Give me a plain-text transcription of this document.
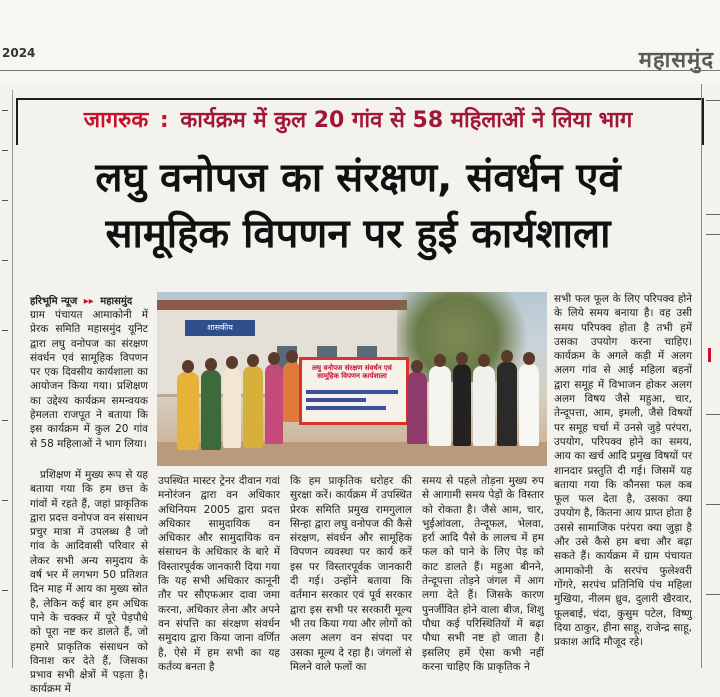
2024	महासमुंद
जागरुक : कार्यक्रम में कुल 20 गांव से 58 महिलाओं ने लिया भाग
लघु वनोपज का संरक्षण, संवर्धन एवं
सामूहिक विपणन पर हुई कार्यशाला
हरिभूमि न्यूज ▸▸ महासमुंद

ग्राम पंचायत आमाकोनी में प्रेरक समिति महासमुंद यूनिट द्वारा लघु वनोपज का संरक्षण संवर्धन एवं सामूहिक विपणन पर एक दिवसीय कार्यशाला का आयोजन किया गया। प्रशिक्षण का उद्देश्य कार्यक्रम समन्वयक हेमलता राजपूत ने बताया कि इस कार्यक्रम में कुल 20 गांव से 58 महिलाओं ने भाग लिया।

प्रशिक्षण में मुख्य रूप से यह बताया गया कि हम छत्त के गांवों में रहते हैं, जहां प्राकृतिक द्वारा प्रदत्त वनोपज वन संसाधन प्रचुर मात्रा में उपलब्ध है जो गांव के आदिवासी परिवार से लेकर सभी अन्य समुदाय के वर्ष भर में लगभग 50 प्रतिशत दिन माह में आय का मुख्य स्रोत है, लेकिन कई बार हम अधिक पाने के चक्कर में पूरे पेड़पौधे को पूरा नष्ट कर डालते हैं, जो हमारे प्राकृतिक संसाधन को विनाश कर देते हैं, जिसका प्रभाव सभी क्षेत्रों में पड़ता है। कार्यक्रम में

शासकीय
लघु वनोपज संरक्षण संवर्धन एवं सामूहिक विपणन कार्यशाला

उपस्थित मास्टर ट्रेनर दीवान गवां मनोरंजन द्वारा वन अधिकार अधिनियम 2005 द्वारा प्रदत्त अधिकार सामुदायिक वन अधिकार और सामुदायिक वन संसाधन के अधिकार के बारे में विस्तारपूर्वक जानकारी दिया गया कि यह सभी अधिकार कानूनी तौर पर सौएफआर दावा जमा करना, अधिकार लेना और अपने वन संपत्ति का संरक्षण संवर्धन समुदाय द्वारा किया जाना वर्णित है, ऐसे में हम सभी का यह कर्तव्य बनता है

कि हम प्राकृतिक धरोहर की सुरक्षा करें। कार्यक्रम में उपस्थित प्रेरक समिति प्रमुख रामगुलाल सिन्हा द्वारा लघु वनोपज की कैसे संरक्षण, संवर्धन और सामूहिक विपणन व्यवस्था पर कार्य करें इस पर विस्तारपूर्वक जानकारी दी गई। उन्होंने बताया कि वर्तमान सरकार एवं पूर्व सरकार द्वारा इस सभी पर सरकारी मूल्य भी तय किया गया और लोगों को अलग अलग वन संपदा पर उसका मूल्य दे रहा है। जंगलों से मिलने वाले फलों का

समय से पहले तोड़ना मुख्य रुप से आगामी समय पेड़ों के विस्तार को रोकता है। जैसे आम, चार, भुईआंवला, तेन्दूफल, भेलवा, हर्रा आदि पैसे के लालच में हम फल को पाने के लिए पेड़ को काट डालते हैं। महुआ बीनने, तेन्दूपत्ता तोड़ने जंगल में आग लगा देते हैं। जिसके कारण पुनर्जीवित होने वाला बीज, शिशु पौधा कई परिस्थितियों में बढ़ा पौधा सभी नष्ट हो जाता है। इसलिए हमें ऐसा कभी नहीं करना चाहिए कि प्राकृतिक ने

सभी फल फूल के लिए परिपक्व होने के लिये समय बनाया है। वह उसी समय परिपक्व होता है तभी हमें उसका उपयोग करना चाहिए। कार्यक्रम के अगले कड़ी में अलग अलग गांव से आई महिला बहनों द्वारा समूह में विभाजन होकर अलग अलग विषय जैसे महुआ, चार, तेन्दूपत्ता, आम, इमली, जैसे विषयों पर समूह चर्चा में उनसे जुड़े परंपरा, उपयोग, परिपक्व होने का समय, आय का खर्च आदि प्रमुख विषयों पर शानदार प्रस्तुति दी गई। जिसमें यह बताया गया कि कौनसा फल कब फूल फल देता है, उसका क्या उपयोग है, कितना आय प्राप्त होता है उससे सामाजिक परंपरा क्या जुड़ा है और उसे कैसे हम बचा और बढ़ा सकते हैं। कार्यक्रम में ग्राम पंचायत आमाकोनी के सरपंच फुलेश्वरी गोंगरे, सरपंच प्रतिनिधि पंच महिला मुखिया, नीलम ध्रुव, दुलारी खैरवार, फूलबाई, चंदा, कुसुम पटेल, विष्णु दिया ठाकुर, हीना साहू, राजेन्द्र साहू, प्रकाश आदि मौजूद रहे।
